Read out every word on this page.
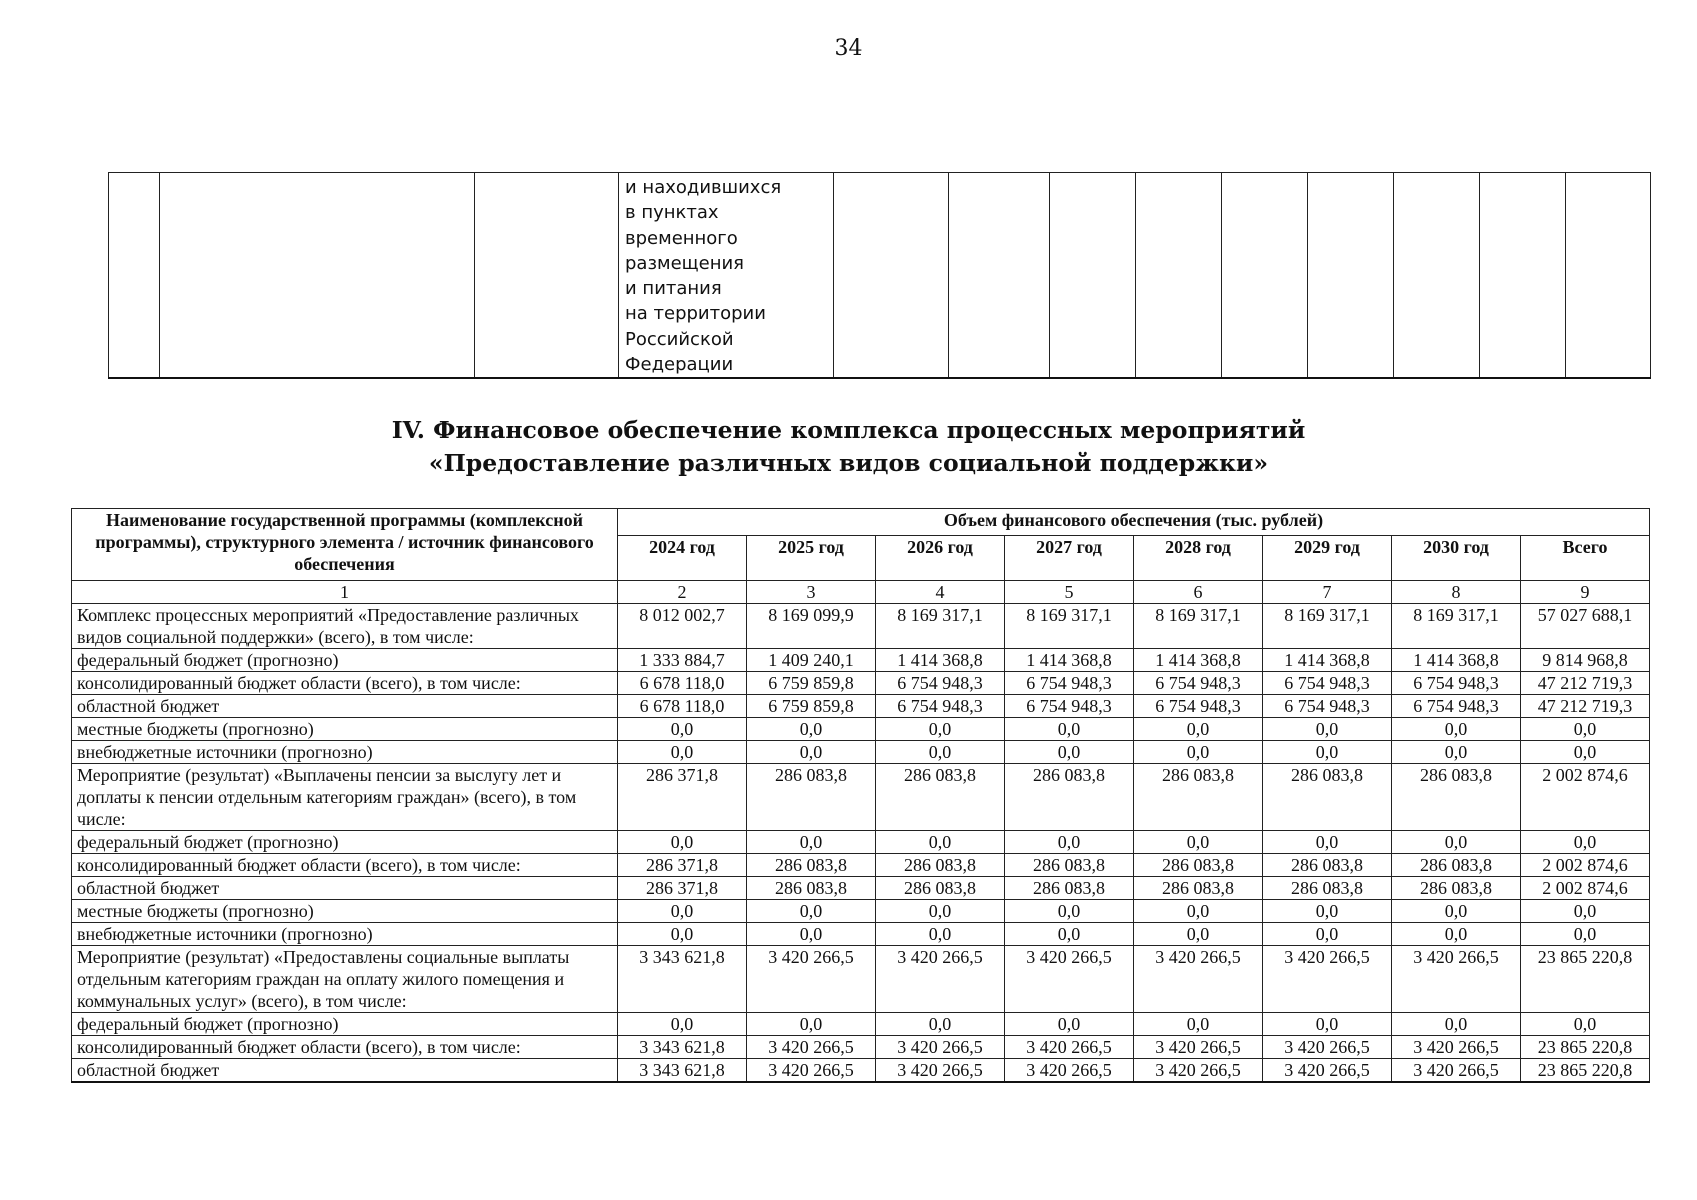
34

и находившихся
в пунктах
временного
размещения
и питания
на территории
Российской
Федерации

IV. Финансовое обеспечение комплекса процессных мероприятий
«Предоставление различных видов социальной поддержки»
Наименование государственной программы (комплексной программы), структурного элемента / источник финансового обеспечения	Объем финансового обеспечения (тыс. рублей)							
	2024 год	2025 год	2026 год	2027 год	2028 год	2029 год	2030 год	Всего
1	2	3	4	5	6	7	8	9
Комплекс процессных мероприятий «Предоставление различных видов социальной поддержки» (всего), в том числе:	8 012 002,7	8 169 099,9	8 169 317,1	8 169 317,1	8 169 317,1	8 169 317,1	8 169 317,1	57 027 688,1
федеральный бюджет (прогнозно)	1 333 884,7	1 409 240,1	1 414 368,8	1 414 368,8	1 414 368,8	1 414 368,8	1 414 368,8	9 814 968,8
консолидированный бюджет области (всего), в том числе:	6 678 118,0	6 759 859,8	6 754 948,3	6 754 948,3	6 754 948,3	6 754 948,3	6 754 948,3	47 212 719,3
областной бюджет	6 678 118,0	6 759 859,8	6 754 948,3	6 754 948,3	6 754 948,3	6 754 948,3	6 754 948,3	47 212 719,3
местные бюджеты (прогнозно)	0,0	0,0	0,0	0,0	0,0	0,0	0,0	0,0
внебюджетные источники (прогнозно)	0,0	0,0	0,0	0,0	0,0	0,0	0,0	0,0
Мероприятие (результат) «Выплачены пенсии за выслугу лет и доплаты к пенсии отдельным категориям граждан» (всего), в том числе:	286 371,8	286 083,8	286 083,8	286 083,8	286 083,8	286 083,8	286 083,8	2 002 874,6
федеральный бюджет (прогнозно)	0,0	0,0	0,0	0,0	0,0	0,0	0,0	0,0
консолидированный бюджет области (всего), в том числе:	286 371,8	286 083,8	286 083,8	286 083,8	286 083,8	286 083,8	286 083,8	2 002 874,6
областной бюджет	286 371,8	286 083,8	286 083,8	286 083,8	286 083,8	286 083,8	286 083,8	2 002 874,6
местные бюджеты (прогнозно)	0,0	0,0	0,0	0,0	0,0	0,0	0,0	0,0
внебюджетные источники (прогнозно)	0,0	0,0	0,0	0,0	0,0	0,0	0,0	0,0
Мероприятие (результат) «Предоставлены социальные выплаты отдельным категориям граждан на оплату жилого помещения и коммунальных услуг» (всего), в том числе:	3 343 621,8	3 420 266,5	3 420 266,5	3 420 266,5	3 420 266,5	3 420 266,5	3 420 266,5	23 865 220,8
федеральный бюджет (прогнозно)	0,0	0,0	0,0	0,0	0,0	0,0	0,0	0,0
консолидированный бюджет области (всего), в том числе:	3 343 621,8	3 420 266,5	3 420 266,5	3 420 266,5	3 420 266,5	3 420 266,5	3 420 266,5	23 865 220,8
областной бюджет	3 343 621,8	3 420 266,5	3 420 266,5	3 420 266,5	3 420 266,5	3 420 266,5	3 420 266,5	23 865 220,8
